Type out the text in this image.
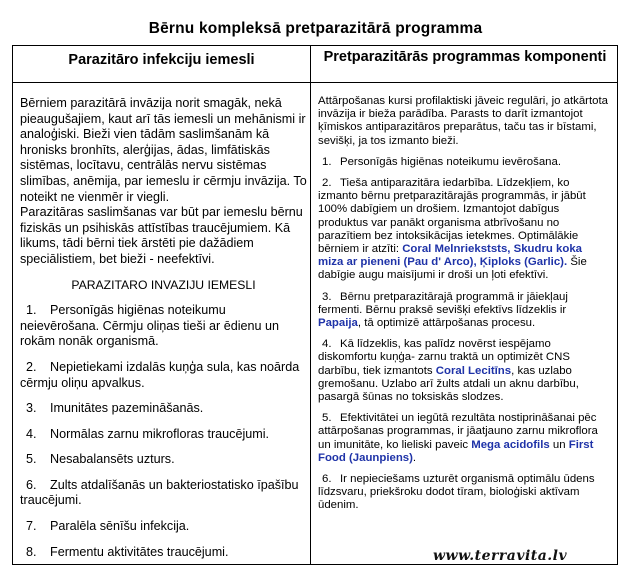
Bērnu kompleksā pretparazitārā programma
Parazitāro infekciju iemesli	Pretparazitārās programmas komponenti

Bērniem parazitārā invāzija norit smagāk, nekā pieaugušajiem, kaut arī tās iemesli un mehānismi ir analoģiski. Bieži vien tādām saslimšanām kā hronisks bronhīts, alerģijas, ādas, limfātiskās sistēmas, locītavu, centrālās nervu sistēmas slimības, anēmija, par iemeslu ir cērmju invāzija. To noteikt ne vienmēr ir viegli.

Parazitāras saslimšanas var būt par iemeslu bērnu fiziskās un psihiskās attīstības traucējumiem. Kā likums, tādi bērni tiek ārstēti pie dažādiem speciālistiem, bet bieži - neefektīvi.

PARAZITARO INVAZIJU IEMESLI

1. Personīgās higiēnas noteikumu neievērošana. Cērmju oliņas tieši ar ēdienu un rokām nonāk organismā.

2. Nepietiekami izdalās kuņģa sula, kas noārda cērmju oliņu apvalkus.

3. Imunitātes pazemināšanās.

4. Normālas zarnu mikrofloras traucējumi.

5. Nesabalansēts uzturs.

6. Zults atdalīšanās un bakteriostatisko īpašību traucējumi.

7. Paralēla sēnīšu infekcija.

8. Fermentu aktivitātes traucējumi.

Attārpošanas kursi profilaktiski jāveic regulāri, jo atkārtota invāzija ir bieža parādība. Parasts to darīt izmantojot ķīmiskos antiparazitāros preparātus, taču tas ir bīstami, sevišķi, ja tos izmanto bieži.

1. Personīgās higiēnas noteikumu ievērošana.

2. Tieša antiparazitāra iedarbība. Līdzekļiem, ko izmanto bērnu pretparazitārajās programmās, ir jābūt 100% dabīgiem un drošiem. Izmantojot dabīgus produktus var panākt organisma atbrīvošanu no parazītiem bez intoksikācijas ietekmes. Optimālākie bērniem ir atzīti: Coral Melnriekststs, Skudru koka miza ar pieneni (Pau d' Arco), Ķiploks (Garlic). Šie dabīgie augu maisījumi ir droši un ļoti efektīvi.

3. Bērnu pretparazitārajā programmā ir jāiekļauj fermenti. Bērnu praksē sevišķi efektīvs līdzeklis ir Papaija, tā optimizē attārpošanas procesu.

4. Kā līdzeklis, kas palīdz novērst iespējamo diskomfortu kuņģa- zarnu traktā un optimizēt CNS darbību, tiek izmantots Coral Lecitīns, kas uzlabo gremošanu. Uzlabo arī žults atdali un aknu darbību, pasargā šūnas no toksiskās slodzes.

5. Efektivitātei un iegūtā rezultāta nostiprināšanai pēc attārpošanas programmas, ir jāatjauno zarnu mikroflora un imunitāte, ko lieliski paveic Mega acidofils un First Food (Jaunpiens).

6. Ir nepieciešams uzturēt organismā optimālu ūdens līdzsvaru, priekšroku dodot tīram, bioloģiski aktīvam ūdenim.

www.terravita.lv
